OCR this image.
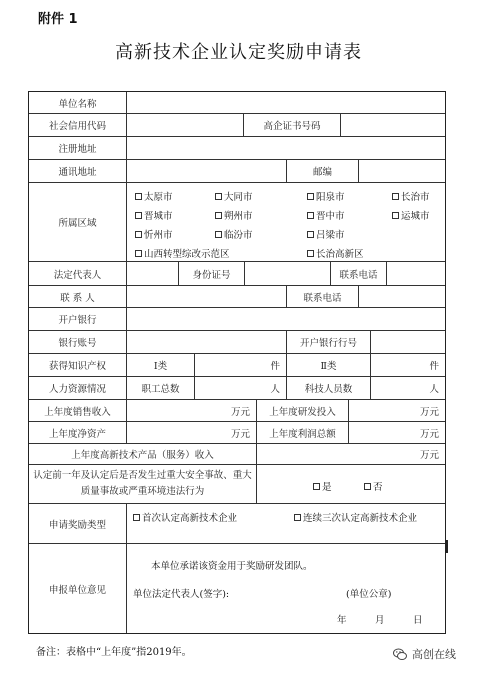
附件 1
高新技术企业认定奖励申请表
单位名称
社会信用代码	高企证书号码
注册地址
通讯地址	邮编
所属区域
太原市	大同市	阳泉市	长治市
晋城市	朔州市	晋中市	运城市
忻州市	临汾市	吕梁市
山西转型综改示范区	长治高新区
法定代表人	身份证号	联系电话
联 系 人	联系电话
开户银行
银行账号	开户银行行号
获得知识产权	Ⅰ类	件	Ⅱ类	件
人力资源情况	职工总数	人	科技人员数	人
上年度销售收入	万元	上年度研发投入	万元
上年度净资产	万元	上年度利润总额	万元
上年度高新技术产品（服务）收入	万元
认定前一年及认定后是否发生过重大安全事故、重大质量事故或严重环境违法行为	是	否
申请奖励类型
首次认定高新技术企业	连续三次认定高新技术企业
申报单位意见
本单位承诺该资金用于奖励研发团队。
单位法定代表人(签字):	(单位公章)
年	月	日
备注：表格中“上年度”指2019年。	高创在线
